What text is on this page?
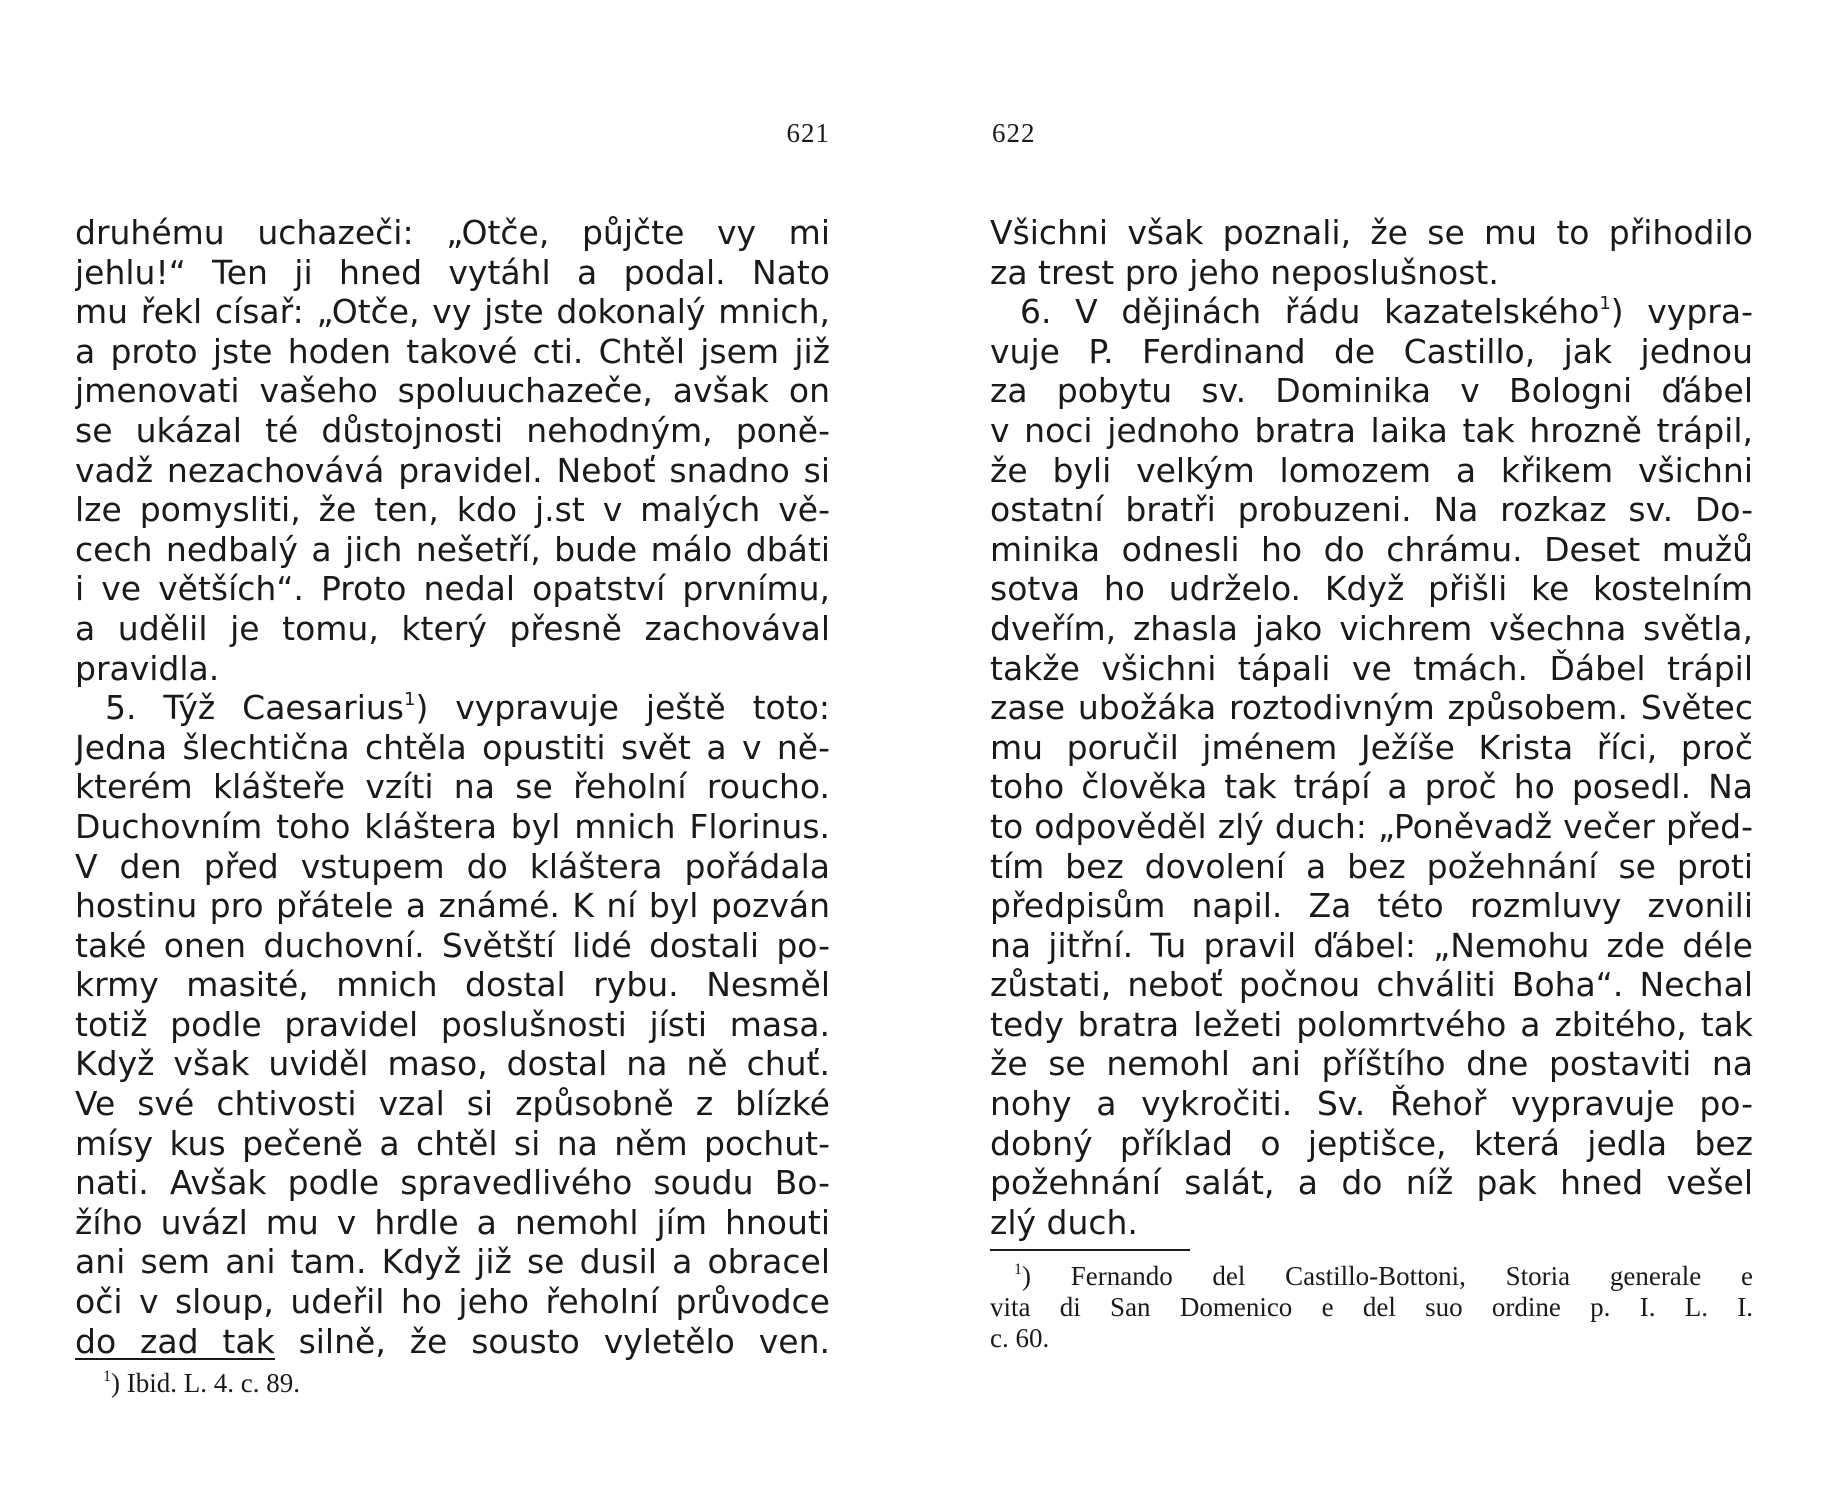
621
druhému uchazeči: „Otče, půjčte vy mi
jehlu!“ Ten ji hned vytáhl a podal. Nato
mu řekl císař: „Otče, vy jste dokonalý mnich,
a proto jste hoden takové cti. Chtěl jsem již
jmenovati vašeho spoluuchazeče, avšak on
se ukázal té důstojnosti nehodným, poně-
vadž nezachovává pravidel. Neboť snadno si
lze pomysliti, že ten, kdo j.st v malých vě-
cech nedbalý a jich nešetří, bude málo dbáti
i ve větších“. Proto nedal opatství prvnímu,
a udělil je tomu, který přesně zachovával
pravidla.
5. Týž Caesarius$^1$) vypravuje ještě toto:
Jedna šlechtična chtěla opustiti svět a v ně-
kterém klášteře vzíti na se řeholní roucho.
Duchovním toho kláštera byl mnich Florinus.
V den před vstupem do kláštera pořádala
hostinu pro přátele a známé. K ní byl pozván
také onen duchovní. Světští lidé dostali po-
krmy masité, mnich dostal rybu. Nesměl
totiž podle pravidel poslušnosti jísti masa.
Když však uviděl maso, dostal na ně chuť.
Ve své chtivosti vzal si způsobně z blízké
mísy kus pečeně a chtěl si na něm pochut-
nati. Avšak podle spravedlivého soudu Bo-
žího uvázl mu v hrdle a nemohl jím hnouti
ani sem ani tam. Když již se dusil a obracel
oči v sloup, udeřil ho jeho řeholní průvodce
do zad tak silně, že sousto vyletělo ven.
$^1$) Ibid. L. 4. c. 89.
622
Všichni však poznali, že se mu to přihodilo
za trest pro jeho neposlušnost.
6. V dějinách řádu kazatelského$^1$) vypra-
vuje P. Ferdinand de Castillo, jak jednou
za pobytu sv. Dominika v Bologni ďábel
v noci jednoho bratra laika tak hrozně trápil,
že byli velkým lomozem a křikem všichni
ostatní bratři probuzeni. Na rozkaz sv. Do-
minika odnesli ho do chrámu. Deset mužů
sotva ho udrželo. Když přišli ke kostelním
dveřím, zhasla jako vichrem všechna světla,
takže všichni tápali ve tmách. Ďábel trápil
zase ubožáka roztodivným způsobem. Světec
mu poručil jménem Ježíše Krista říci, proč
toho člověka tak trápí a proč ho posedl. Na
to odpověděl zlý duch: „Poněvadž večer před-
tím bez dovolení a bez požehnání se proti
předpisům napil. Za této rozmluvy zvonili
na jitřní. Tu pravil ďábel: „Nemohu zde déle
zůstati, neboť počnou chváliti Boha“. Nechal
tedy bratra ležeti polomrtvého a zbitého, tak
že se nemohl ani příštího dne postaviti na
nohy a vykročiti. Sv. Řehoř vypravuje po-
dobný příklad o jeptišce, která jedla bez
požehnání salát, a do níž pak hned vešel
zlý duch.
$^1$) Fernando del Castillo-Bottoni, Storia generale e
vita di San Domenico e del suo ordine p. I. L. I.
c. 60.
